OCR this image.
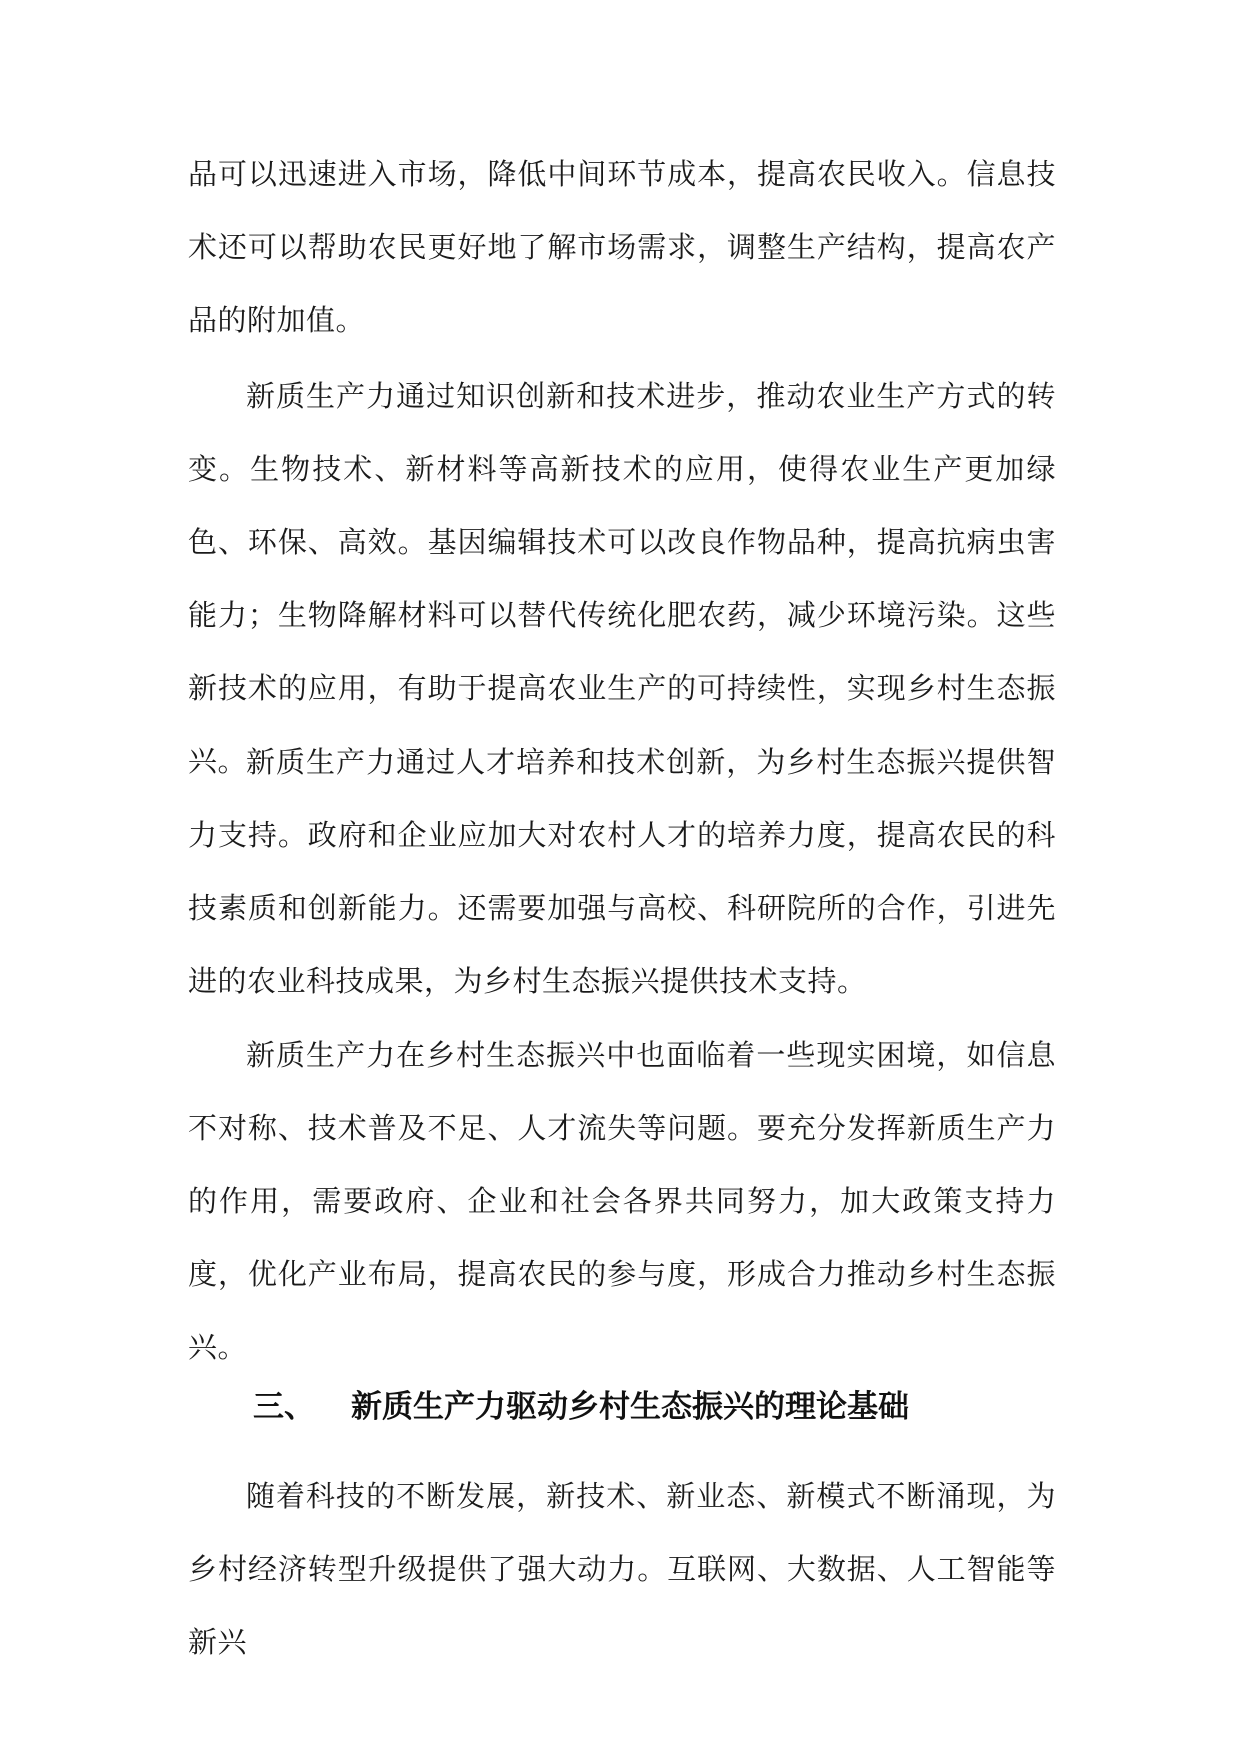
品可以迅速进入市场，降低中间环节成本，提高农民收入。信息技术还可以帮助农民更好地了解市场需求，调整生产结构，提高农产品的附加值。

新质生产力通过知识创新和技术进步，推动农业生产方式的转变。生物技术、新材料等高新技术的应用，使得农业生产更加绿色、环保、高效。基因编辑技术可以改良作物品种，提高抗病虫害能力；生物降解材料可以替代传统化肥农药，减少环境污染。这些新技术的应用，有助于提高农业生产的可持续性，实现乡村生态振兴。

新质生产力通过人才培养和技术创新，为乡村生态振兴提供智力支持。政府和企业应加大对农村人才的培养力度，提高农民的科技素质和创新能力。还需要加强与高校、科研院所的合作，引进先进的农业科技成果，为乡村生态振兴提供技术支持。

新质生产力在乡村生态振兴中也面临着一些现实困境，如信息不对称、技术普及不足、人才流失等问题。要充分发挥新质生产力的作用，需要政府、企业和社会各界共同努力，加大政策支持力度，优化产业布局，提高农民的参与度，形成合力推动乡村生态振兴。

三、 新质生产力驱动乡村生态振兴的理论基础

随着科技的不断发展，新技术、新业态、新模式不断涌现，为乡村经济转型升级提供了强大动力。互联网、大数据、人工智能等新兴
